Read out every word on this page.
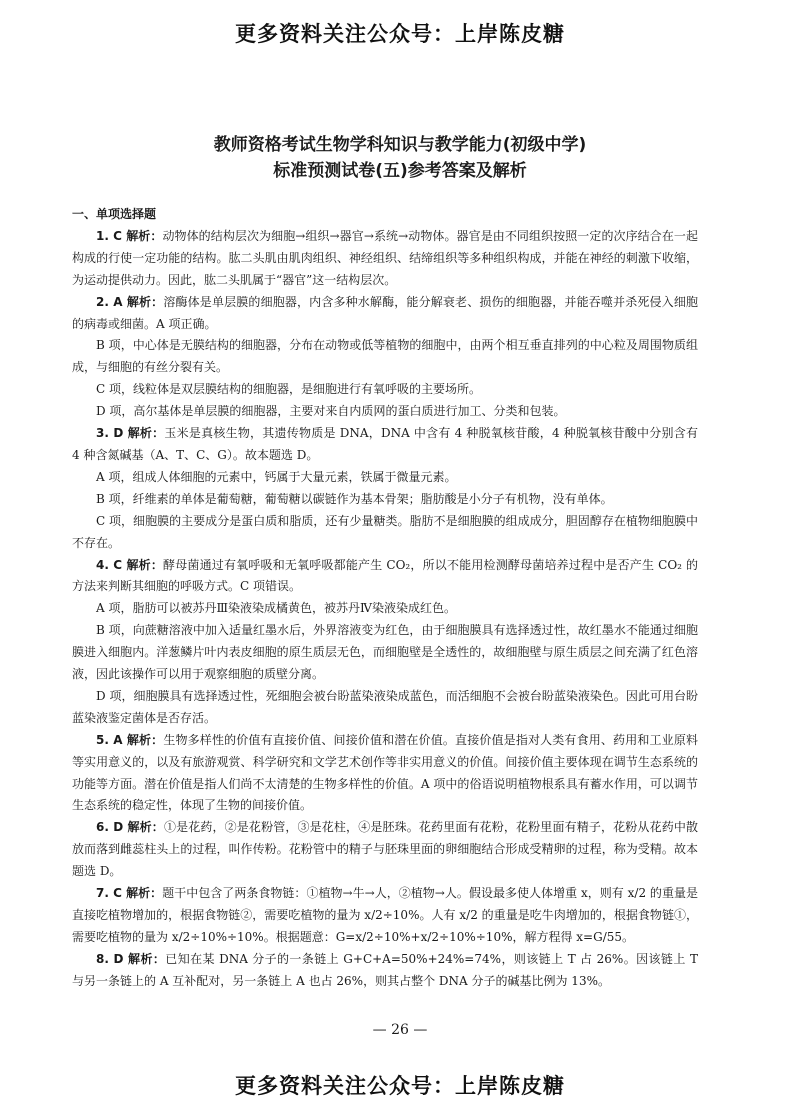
更多资料关注公众号：上岸陈皮糖
教师资格考试生物学科知识与教学能力(初级中学)
标准预测试卷(五)参考答案及解析
一、单项选择题

1. C 解析：动物体的结构层次为细胞→组织→器官→系统→动物体。器官是由不同组织按照一定的次序结合在一起构成的行使一定功能的结构。肱二头肌由肌肉组织、神经组织、结缔组织等多种组织构成，并能在神经的刺激下收缩，为运动提供动力。因此，肱二头肌属于“器官”这一结构层次。

2. A 解析：溶酶体是单层膜的细胞器，内含多种水解酶，能分解衰老、损伤的细胞器，并能吞噬并杀死侵入细胞的病毒或细菌。A 项正确。

B 项，中心体是无膜结构的细胞器，分布在动物或低等植物的细胞中，由两个相互垂直排列的中心粒及周围物质组成，与细胞的有丝分裂有关。

C 项，线粒体是双层膜结构的细胞器，是细胞进行有氧呼吸的主要场所。

D 项，高尔基体是单层膜的细胞器，主要对来自内质网的蛋白质进行加工、分类和包装。

3. D 解析：玉米是真核生物，其遗传物质是 DNA，DNA 中含有 4 种脱氧核苷酸，4 种脱氧核苷酸中分别含有 4 种含氮碱基（A、T、C、G）。故本题选 D。

A 项，组成人体细胞的元素中，钙属于大量元素，铁属于微量元素。

B 项，纤维素的单体是葡萄糖，葡萄糖以碳链作为基本骨架；脂肪酸是小分子有机物，没有单体。

C 项，细胞膜的主要成分是蛋白质和脂质，还有少量糖类。脂肪不是细胞膜的组成成分，胆固醇存在植物细胞膜中不存在。

4. C 解析：酵母菌通过有氧呼吸和无氧呼吸都能产生 CO₂，所以不能用检测酵母菌培养过程中是否产生 CO₂ 的方法来判断其细胞的呼吸方式。C 项错误。

A 项，脂肪可以被苏丹Ⅲ染液染成橘黄色，被苏丹Ⅳ染液染成红色。

B 项，向蔗糖溶液中加入适量红墨水后，外界溶液变为红色，由于细胞膜具有选择透过性，故红墨水不能通过细胞膜进入细胞内。洋葱鳞片叶内表皮细胞的原生质层无色，而细胞壁是全透性的，故细胞壁与原生质层之间充满了红色溶液，因此该操作可以用于观察细胞的质壁分离。

D 项，细胞膜具有选择透过性，死细胞会被台盼蓝染液染成蓝色，而活细胞不会被台盼蓝染液染色。因此可用台盼蓝染液鉴定菌体是否存活。

5. A 解析：生物多样性的价值有直接价值、间接价值和潜在价值。直接价值是指对人类有食用、药用和工业原料等实用意义的，以及有旅游观赏、科学研究和文学艺术创作等非实用意义的价值。间接价值主要体现在调节生态系统的功能等方面。潜在价值是指人们尚不太清楚的生物多样性的价值。A 项中的俗语说明植物根系具有蓄水作用，可以调节生态系统的稳定性，体现了生物的间接价值。

6. D 解析：①是花药，②是花粉管，③是花柱，④是胚珠。花药里面有花粉，花粉里面有精子，花粉从花药中散放而落到雌蕊柱头上的过程，叫作传粉。花粉管中的精子与胚珠里面的卵细胞结合形成受精卵的过程，称为受精。故本题选 D。

7. C 解析：题干中包含了两条食物链：①植物→牛→人，②植物→人。假设最多使人体增重 x，则有 x/2 的重量是直接吃植物增加的，根据食物链②，需要吃植物的量为 x/2÷10%。人有 x/2 的重量是吃牛肉增加的，根据食物链①，需要吃植物的量为 x/2÷10%÷10%。根据题意：G=x/2÷10%+x/2÷10%÷10%，解方程得 x=G/55。

8. D 解析：已知在某 DNA 分子的一条链上 G+C+A=50%+24%=74%，则该链上 T 占 26%。因该链上 T 与另一条链上的 A 互补配对，另一条链上 A 也占 26%，则其占整个 DNA 分子的碱基比例为 13%。

— 26 —
更多资料关注公众号：上岸陈皮糖
